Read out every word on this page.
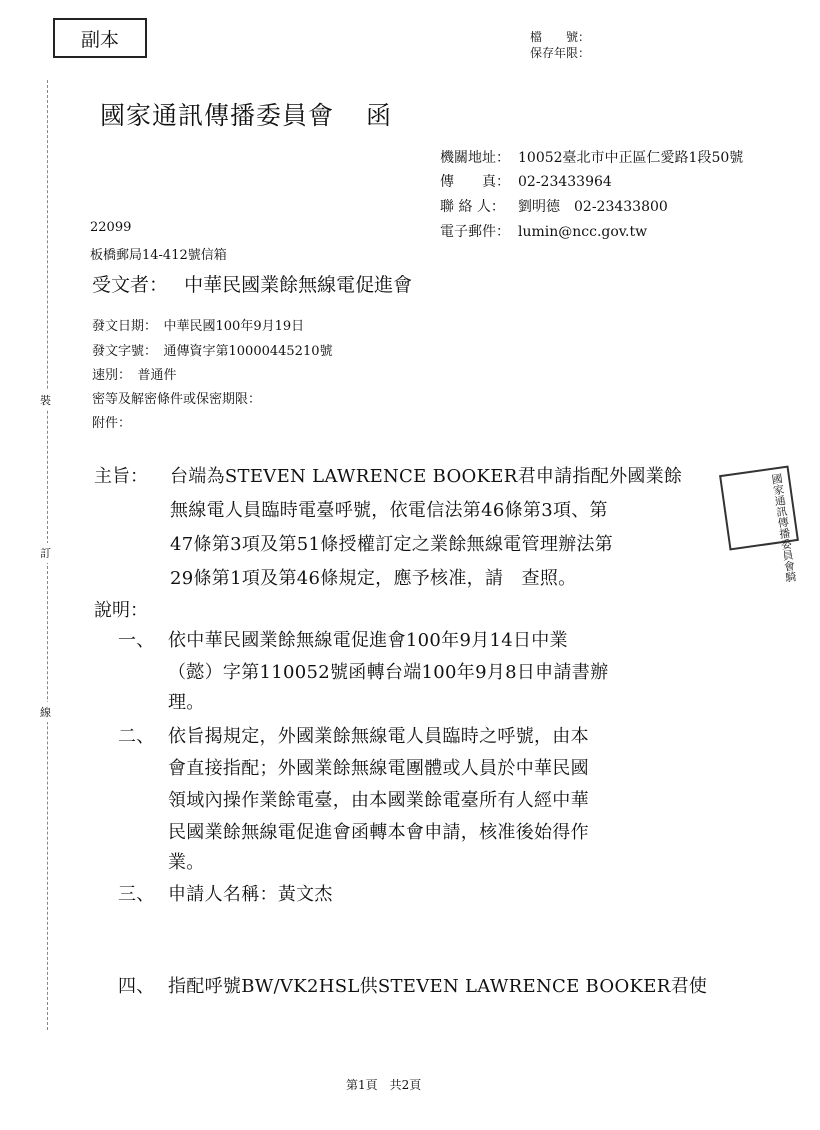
裝
訂
線
副本	檔　　號：
保存年限：
國家通訊傳播委員會 函
機關地址： 10052臺北市中正區仁愛路1段50號
傳　　真： 02-23433964
聯 絡 人： 劉明德　02-23433800
電子郵件： lumin@ncc.gov.tw
22099
板橋郵局14-412號信箱
受文者： 中華民國業餘無線電促進會
發文日期：　中華民國100年9月19日
發文字號：　通傳資字第10000445210號
速別：　普通件
密等及解密條件或保密期限：
附件：
國家通訊傳播委員會騎
主旨： 台端為STEVEN LAWRENCE BOOKER君申請指配外國業餘
無線電人員臨時電臺呼號，依電信法第46條第3項、第
47條第3項及第51條授權訂定之業餘無線電管理辦法第
29條第1項及第46條規定，應予核准，請　查照。
說明：
一、 依中華民國業餘無線電促進會100年9月14日中業
（懿）字第110052號函轉台端100年9月8日申請書辦
理。
二、 依旨揭規定，外國業餘無線電人員臨時之呼號，由本
會直接指配；外國業餘無線電團體或人員於中華民國
領域內操作業餘電臺，由本國業餘電臺所有人經中華
民國業餘無線電促進會函轉本會申請，核准後始得作
業。
三、 申請人名稱：黃文杰
四、 指配呼號BW/VK2HSL供STEVEN LAWRENCE BOOKER君使
第1頁　共2頁
